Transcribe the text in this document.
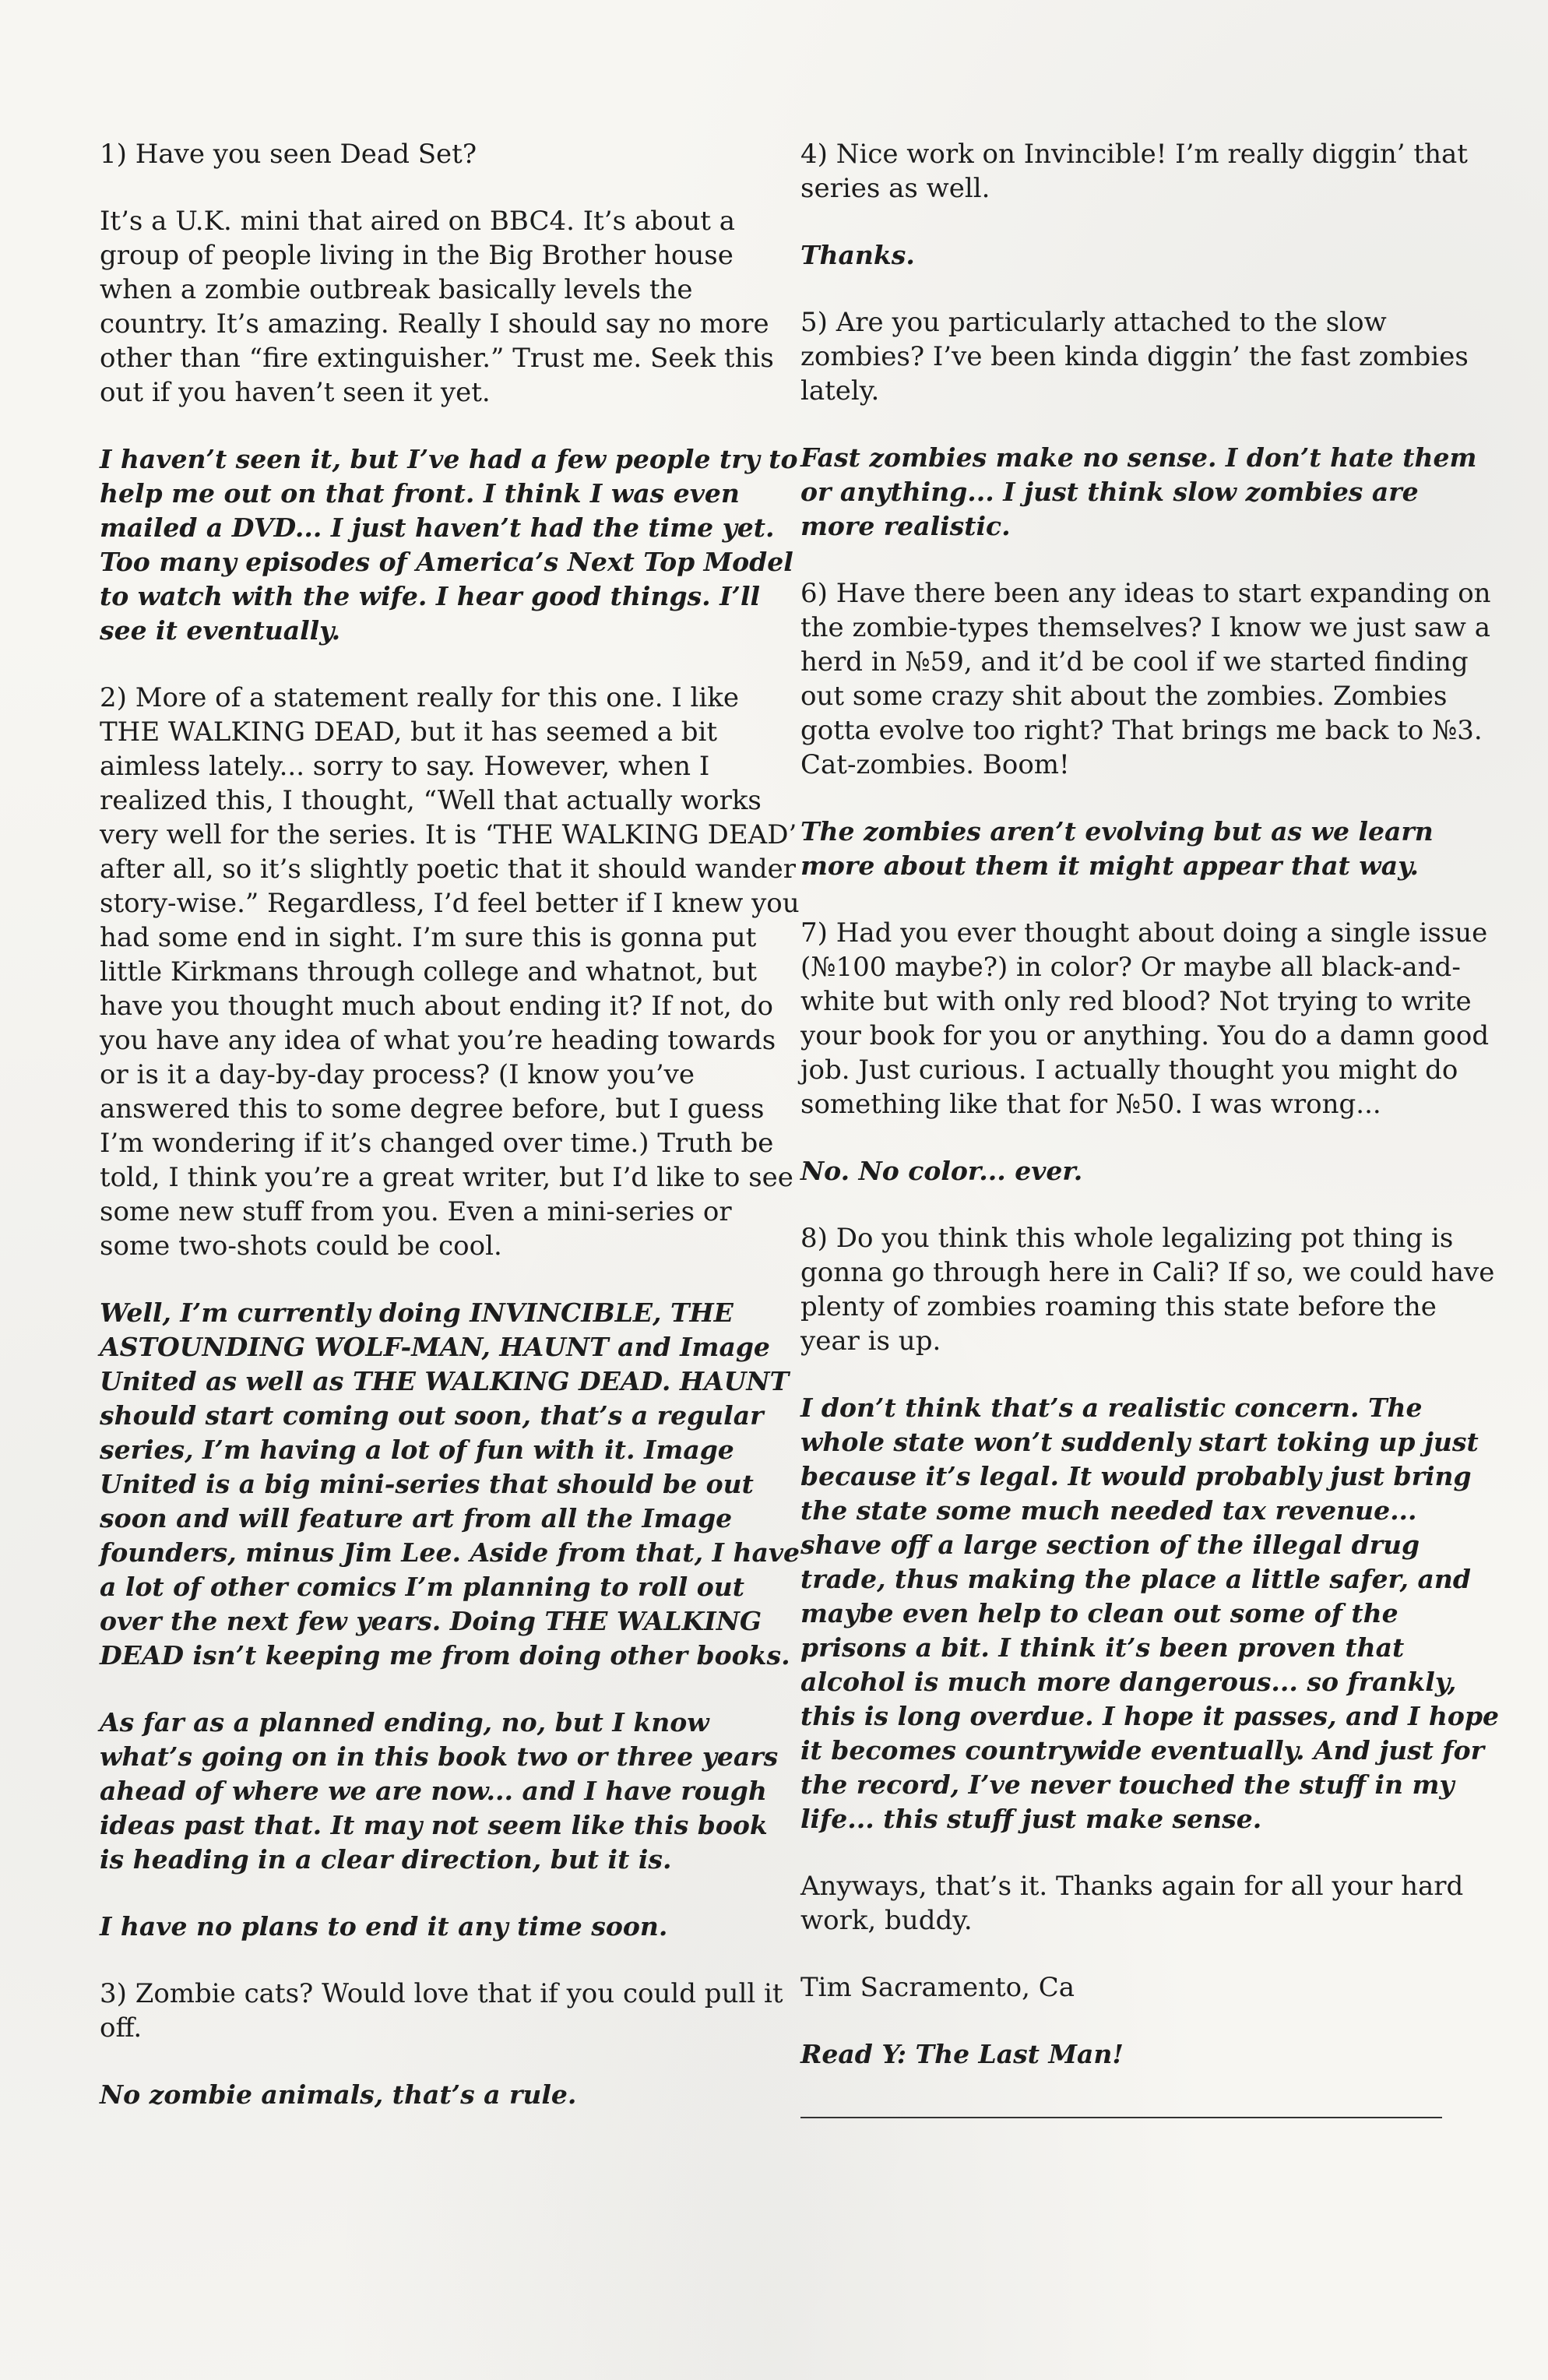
1) Have you seen Dead Set?

It’s a U.K. mini that aired on BBC4. It’s about a group of people living in the Big Brother house when a zombie outbreak basically levels the country. It’s amazing. Really I should say no more other than “fire extinguisher.” Trust me. Seek this out if you haven’t seen it yet.

I haven’t seen it, but I’ve had a few people try to help me out on that front. I think I was even mailed a DVD... I just haven’t had the time yet. Too many episodes of America’s Next Top Model to watch with the wife. I hear good things. I’ll see it eventually.

2) More of a statement really for this one. I like THE WALKING DEAD, but it has seemed a bit aimless lately... sorry to say. However, when I realized this, I thought, “Well that actually works very well for the series. It is ‘THE WALKING DEAD’ after all, so it’s slightly poetic that it should wander story-wise.” Regardless, I’d feel better if I knew you had some end in sight. I’m sure this is gonna put little Kirkmans through college and whatnot, but have you thought much about ending it? If not, do you have any idea of what you’re heading towards or is it a day-by-day process? (I know you’ve answered this to some degree before, but I guess I’m wondering if it’s changed over time.) Truth be told, I think you’re a great writer, but I’d like to see some new stuff from you. Even a mini-series or some two-shots could be cool.

Well, I’m currently doing INVINCIBLE, THE ASTOUNDING WOLF-MAN, HAUNT and Image United as well as THE WALKING DEAD. HAUNT should start coming out soon, that’s a regular series, I’m having a lot of fun with it. Image United is a big mini-series that should be out soon and will feature art from all the Image founders, minus Jim Lee. Aside from that, I have a lot of other comics I’m planning to roll out over the next few years. Doing THE WALKING DEAD isn’t keeping me from doing other books.

As far as a planned ending, no, but I know what’s going on in this book two or three years ahead of where we are now... and I have rough ideas past that. It may not seem like this book is heading in a clear direction, but it is.

I have no plans to end it any time soon.

3) Zombie cats? Would love that if you could pull it off.

No zombie animals, that’s a rule.

4) Nice work on Invincible! I’m really diggin’ that series as well.

Thanks.

5) Are you particularly attached to the slow zombies? I’ve been kinda diggin’ the fast zombies lately.

Fast zombies make no sense. I don’t hate them or anything... I just think slow zombies are more realistic.

6) Have there been any ideas to start expanding on the zombie-types themselves? I know we just saw a herd in №59, and it’d be cool if we started finding out some crazy shit about the zombies. Zombies gotta evolve too right? That brings me back to №3. Cat-zombies. Boom!

The zombies aren’t evolving but as we learn more about them it might appear that way.

7) Had you ever thought about doing a single issue (№100 maybe?) in color? Or maybe all black-and-white but with only red blood? Not trying to write your book for you or anything. You do a damn good job. Just curious. I actually thought you might do something like that for №50. I was wrong...

No. No color... ever.

8) Do you think this whole legalizing pot thing is gonna go through here in Cali? If so, we could have plenty of zombies roaming this state before the year is up.

I don’t think that’s a realistic concern. The whole state won’t suddenly start toking up just because it’s legal. It would probably just bring the state some much needed tax revenue... shave off a large section of the illegal drug trade, thus making the place a little safer, and maybe even help to clean out some of the prisons a bit. I think it’s been proven that alcohol is much more dangerous... so frankly, this is long overdue. I hope it passes, and I hope it becomes countrywide eventually. And just for the record, I’ve never touched the stuff in my life... this stuff just make sense.

Anyways, that’s it. Thanks again for all your hard work, buddy.

Tim Sacramento, Ca

Read Y: The Last Man!
